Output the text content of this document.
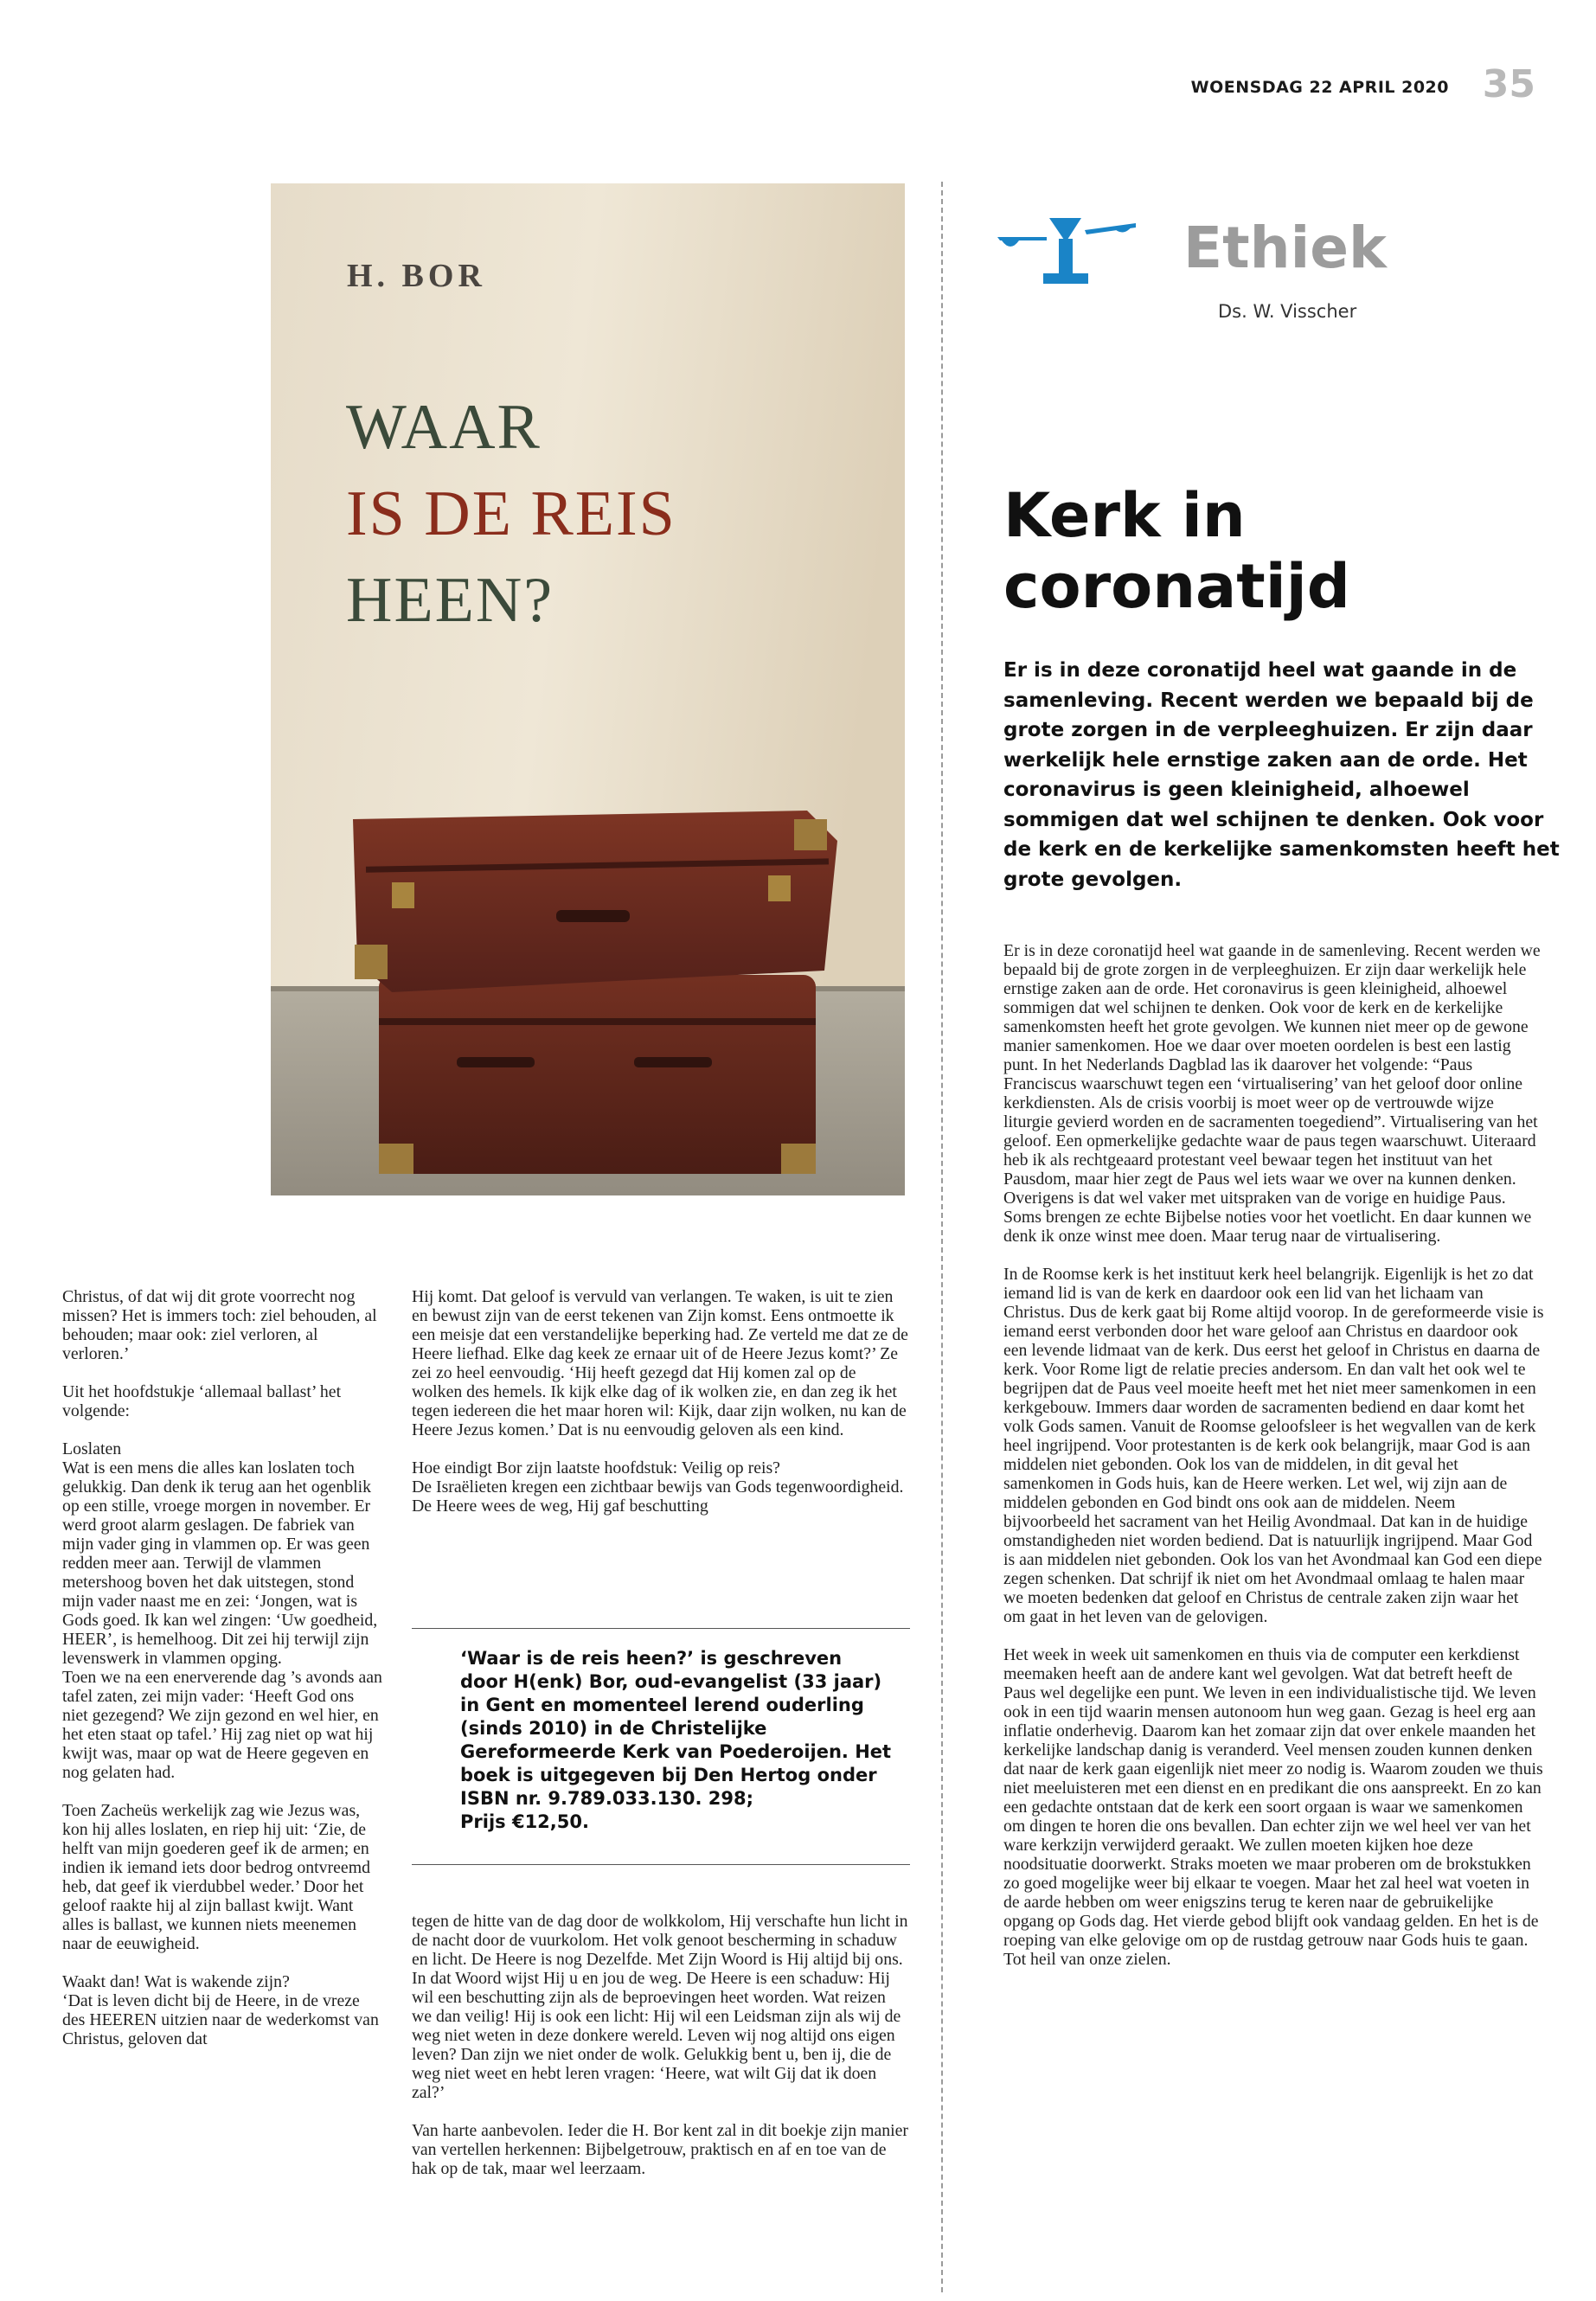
WOENSDAG 22 APRIL 2020 35
H. BOR
WAAR
IS DE REIS
HEEN?
Ethiek
Ds. W. Visscher
Kerk in coronatijd
Er is in deze coronatijd heel wat gaande in de samenleving. Recent werden we bepaald bij de grote zorgen in de verpleeghuizen. Er zijn daar werkelijk hele ernstige zaken aan de orde. Het coronavirus is geen kleinigheid, alhoewel sommigen dat wel schijnen te denken. Ook voor de kerk en de kerkelijke samenkomsten heeft het grote gevolgen.

Er is in deze coronatijd heel wat gaande in de samenleving. Recent werden we bepaald bij de grote zorgen in de verpleeghuizen. Er zijn daar werkelijk hele ernstige zaken aan de orde. Het coronavirus is geen kleinigheid, alhoewel sommigen dat wel schijnen te denken. Ook voor de kerk en de kerkelijke samenkomsten heeft het grote gevolgen. We kunnen niet meer op de gewone manier samenkomen. Hoe we daar over moeten oordelen is best een lastig punt. In het Nederlands Dagblad las ik daarover het volgende: “Paus Franciscus waarschuwt tegen een ‘virtualisering’ van het geloof door online kerkdiensten. Als de crisis voorbij is moet weer op de vertrouwde wijze liturgie gevierd worden en de sacramenten toegediend”. Virtualisering van het geloof. Een opmerkelijke gedachte waar de paus tegen waarschuwt. Uiteraard heb ik als rechtgeaard protestant veel bewaar tegen het instituut van het Pausdom, maar hier zegt de Paus wel iets waar we over na kunnen denken. Overigens is dat wel vaker met uitspraken van de vorige en huidige Paus. Soms brengen ze echte Bijbelse noties voor het voetlicht. En daar kunnen we denk ik onze winst mee doen. Maar terug naar de virtualisering.

In de Roomse kerk is het instituut kerk heel belangrijk. Eigenlijk is het zo dat iemand lid is van de kerk en daardoor ook een lid van het lichaam van Christus. Dus de kerk gaat bij Rome altijd voorop. In de gereformeerde visie is iemand eerst verbonden door het ware geloof aan Christus en daardoor ook een levende lidmaat van de kerk. Dus eerst het geloof in Christus en daarna de kerk. Voor Rome ligt de relatie precies andersom. En dan valt het ook wel te begrijpen dat de Paus veel moeite heeft met het niet meer samenkomen in een kerkgebouw. Immers daar worden de sacramenten bediend en daar komt het volk Gods samen. Vanuit de Roomse geloofsleer is het wegvallen van de kerk heel ingrijpend. Voor protestanten is de kerk ook belangrijk, maar God is aan middelen niet gebonden. Ook los van de middelen, in dit geval het samenkomen in Gods huis, kan de Heere werken. Let wel, wij zijn aan de middelen gebonden en God bindt ons ook aan de middelen. Neem bijvoorbeeld het sacrament van het Heilig Avondmaal. Dat kan in de huidige omstandigheden niet worden bediend. Dat is natuurlijk ingrijpend. Maar God is aan middelen niet gebonden. Ook los van het Avondmaal kan God een diepe zegen schenken. Dat schrijf ik niet om het Avondmaal omlaag te halen maar we moeten bedenken dat geloof en Christus de centrale zaken zijn waar het om gaat in het leven van de gelovigen.

Het week in week uit samenkomen en thuis via de computer een kerkdienst meemaken heeft aan de andere kant wel gevolgen. Wat dat betreft heeft de Paus wel degelijke een punt. We leven in een individualistische tijd. We leven ook in een tijd waarin mensen autonoom hun weg gaan. Gezag is heel erg aan inflatie onderhevig. Daarom kan het zomaar zijn dat over enkele maanden het kerkelijke landschap danig is veranderd. Veel mensen zouden kunnen denken dat naar de kerk gaan eigenlijk niet meer zo nodig is. Waarom zouden we thuis niet meeluisteren met een dienst en en predikant die ons aanspreekt. En zo kan een gedachte ontstaan dat de kerk een soort orgaan is waar we samenkomen om dingen te horen die ons bevallen. Dan echter zijn we wel heel ver van het ware kerkzijn verwijderd geraakt. We zullen moeten kijken hoe deze noodsituatie doorwerkt. Straks moeten we maar proberen om de brokstukken zo goed mogelijke weer bij elkaar te voegen. Maar het zal heel wat voeten in de aarde hebben om weer enigszins terug te keren naar de gebruikelijke opgang op Gods dag. Het vierde gebod blijft ook vandaag gelden. En het is de roeping van elke gelovige om op de rustdag getrouw naar Gods huis te gaan. Tot heil van onze zielen.

Christus, of dat wij dit grote voorrecht nog missen? Het is immers toch: ziel behouden, al behouden; maar ook: ziel verloren, al verloren.’

Uit het hoofdstukje ‘allemaal ballast’ het volgende:

Loslaten
Wat is een mens die alles kan loslaten toch gelukkig. Dan denk ik terug aan het ogenblik op een stille, vroege morgen in november. Er werd groot alarm geslagen. De fabriek van mijn vader ging in vlammen op. Er was geen redden meer aan. Terwijl de vlammen metershoog boven het dak uitstegen, stond mijn vader naast me en zei: ‘Jongen, wat is Gods goed. Ik kan wel zingen: ‘Uw goedheid, HEER’, is hemelhoog. Dit zei hij terwijl zijn levenswerk in vlammen opging.
Toen we na een enerverende dag ’s avonds aan tafel zaten, zei mijn vader: ‘Heeft God ons niet gezegend? We zijn gezond en wel hier, en het eten staat op tafel.’ Hij zag niet op wat hij kwijt was, maar op wat de Heere gegeven en nog gelaten had.

Toen Zacheüs werkelijk zag wie Jezus was, kon hij alles loslaten, en riep hij uit: ‘Zie, de helft van mijn goederen geef ik de armen; en indien ik iemand iets door bedrog ontvreemd heb, dat geef ik vierdubbel weder.’ Door het geloof raakte hij al zijn ballast kwijt. Want alles is ballast, we kunnen niets meenemen naar de eeuwigheid.

Waakt dan! Wat is wakende zijn?
‘Dat is leven dicht bij de Heere, in de vreze des HEEREN uitzien naar de wederkomst van Christus, geloven dat

Hij komt. Dat geloof is vervuld van verlangen. Te waken, is uit te zien en bewust zijn van de eerst tekenen van Zijn komst. Eens ontmoette ik een meisje dat een verstandelijke beperking had. Ze verteld me dat ze de Heere liefhad. Elke dag keek ze ernaar uit of de Heere Jezus komt?’ Ze zei zo heel eenvoudig. ‘Hij heeft gezegd dat Hij komen zal op de wolken des hemels. Ik kijk elke dag of ik wolken zie, en dan zeg ik het tegen iedereen die het maar horen wil: Kijk, daar zijn wolken, nu kan de Heere Jezus komen.’ Dat is nu eenvoudig geloven als een kind.

Hoe eindigt Bor zijn laatste hoofdstuk: Veilig op reis?
De Israëlieten kregen een zichtbaar bewijs van Gods tegenwoordigheid. De Heere wees de weg, Hij gaf beschutting

‘Waar is de reis heen?’ is geschreven door H(enk) Bor, oud-evangelist (33 jaar) in Gent en momenteel lerend ouderling (sinds 2010) in de Christelijke Gereformeerde Kerk van Poederoijen. Het boek is uitgegeven bij Den Hertog onder ISBN nr. 9.789.033.130. 298;
Prijs €12,50.

tegen de hitte van de dag door de wolkkolom, Hij verschafte hun licht in de nacht door de vuurkolom. Het volk genoot bescherming in schaduw en licht. De Heere is nog Dezelfde. Met Zijn Woord is Hij altijd bij ons. In dat Woord wijst Hij u en jou de weg. De Heere is een schaduw: Hij wil een beschutting zijn als de beproevingen heet worden. Wat reizen we dan veilig! Hij is ook een licht: Hij wil een Leidsman zijn als wij de weg niet weten in deze donkere wereld. Leven wij nog altijd ons eigen leven? Dan zijn we niet onder de wolk. Gelukkig bent u, ben ij, die de weg niet weet en hebt leren vragen: ‘Heere, wat wilt Gij dat ik doen zal?’

Van harte aanbevolen. Ieder die H. Bor kent zal in dit boekje zijn manier van vertellen herkennen: Bijbelgetrouw, praktisch en af en toe van de hak op de tak, maar wel leerzaam.
